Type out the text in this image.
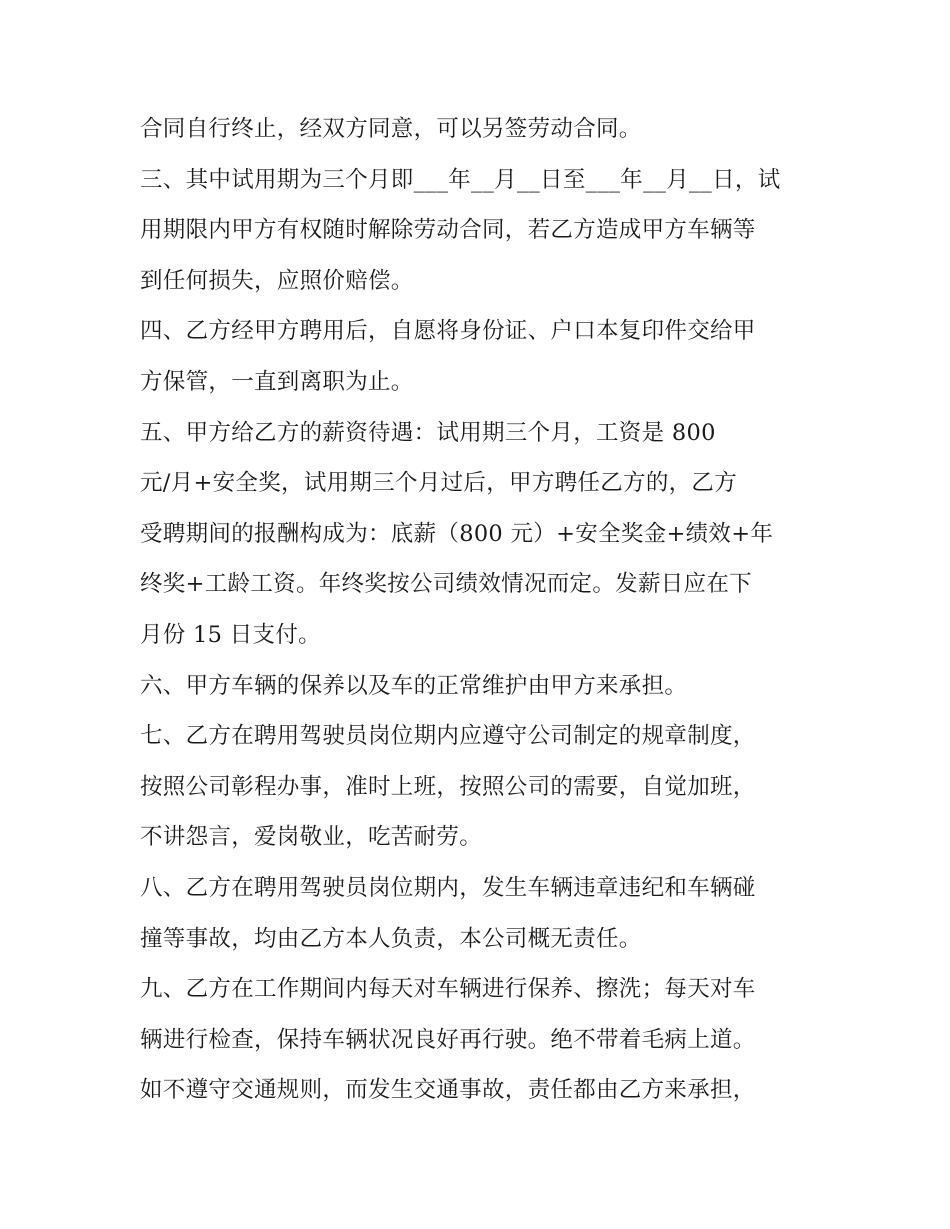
合同自行终止，经双方同意，可以另签劳动合同。
三、其中试用期为三个月即___年__月__日至___年__月__日，试
用期限内甲方有权随时解除劳动合同，若乙方造成甲方车辆等
到任何损失，应照价赔偿。
四、乙方经甲方聘用后，自愿将身份证、户口本复印件交给甲
方保管，一直到离职为止。
五、甲方给乙方的薪资待遇：试用期三个月，工资是 800
元/月+安全奖，试用期三个月过后，甲方聘任乙方的，乙方
受聘期间的报酬构成为：底薪（800 元）+安全奖金+绩效+年
终奖+工龄工资。年终奖按公司绩效情况而定。发薪日应在下
月份 15 日支付。
六、甲方车辆的保养以及车的正常维护由甲方来承担。
七、乙方在聘用驾驶员岗位期内应遵守公司制定的规章制度，
按照公司彰程办事，准时上班，按照公司的需要，自觉加班，
不讲怨言，爱岗敬业，吃苦耐劳。
八、乙方在聘用驾驶员岗位期内，发生车辆违章违纪和车辆碰
撞等事故，均由乙方本人负责，本公司概无责任。
九、乙方在工作期间内每天对车辆进行保养、擦洗；每天对车
辆进行检查，保持车辆状况良好再行驶。绝不带着毛病上道。
如不遵守交通规则，而发生交通事故，责任都由乙方来承担，
